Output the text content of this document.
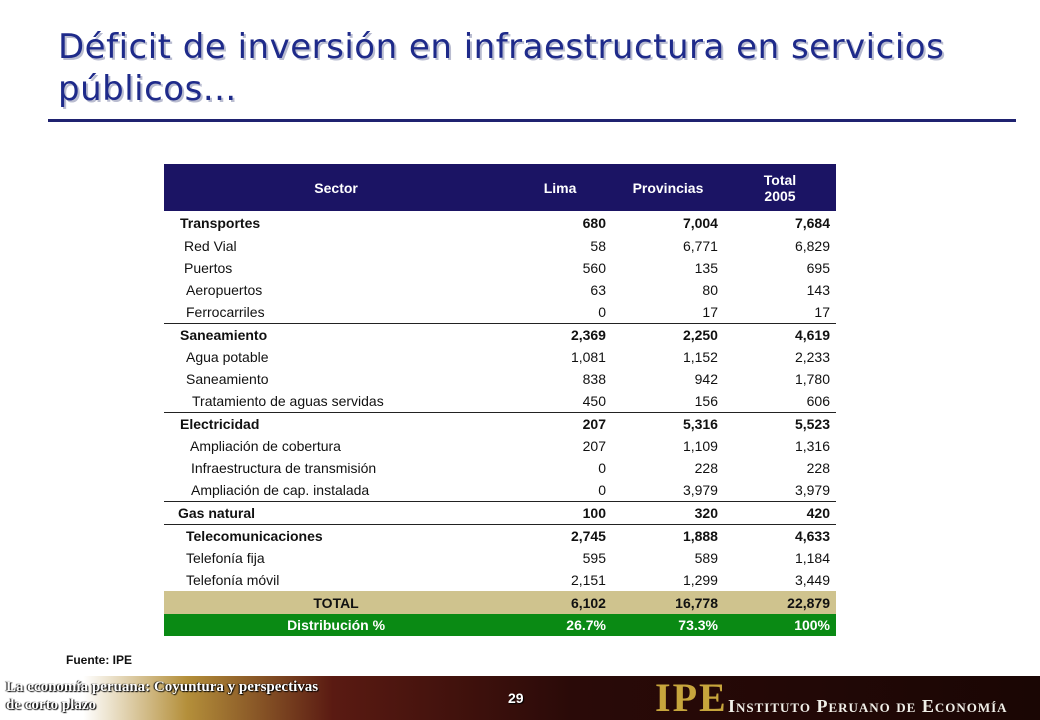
Déficit de inversión en infraestructura en servicios públicos...
Sector	Lima	Provincias	Total
2005
Transportes	680	7,004	7,684
Red Vial	58	6,771	6,829
Puertos	560	135	695
Aeropuertos	63	80	143
Ferrocarriles	0	17	17
Saneamiento	2,369	2,250	4,619
Agua potable	1,081	1,152	2,233
Saneamiento	838	942	1,780
Tratamiento de aguas servidas	450	156	606
Electricidad	207	5,316	5,523
Ampliación de cobertura	207	1,109	1,316
Infraestructura de transmisión	0	228	228
Ampliación de cap. instalada	0	3,979	3,979
Gas natural	100	320	420
Telecomunicaciones	2,745	1,888	4,633
Telefonía fija	595	589	1,184
Telefonía móvil	2,151	1,299	3,449
TOTAL	6,102	16,778	22,879
Distribución %	26.7%	73.3%	100%
Fuente: IPE
La economía peruana: Coyuntura y perspectivas
de corto plazo	29	IPE Instituto Peruano de Economía
